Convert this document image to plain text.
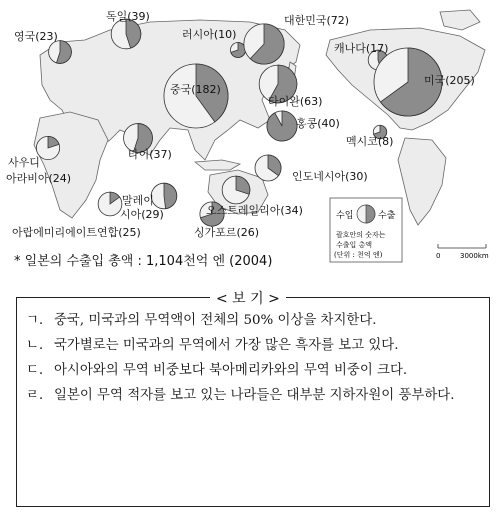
영국(23)
독일(39)
러시아(10)
대한민국(72)
중국(182)
캐나다(17)
미국(205)
타이완(63)
홍콩(40)
멕시코(8)
사우디
아라비아(24)
타이(37)
인도네시아(30)
말레이
시아(29)	오스트레일리아(34)
아랍에미리에이트연합(25)	싱가포르(26)
수입	수출
괄호안의 숫자는
수출입 총액
(단위 : 천억 엔)	0	3000km
* 일본의 수출입 총액 : 1,104천억 엔 (2004)
< 보 기 >
ㄱ. 중국, 미국과의 무역액이 전체의 50% 이상을 차지한다.
ㄴ. 국가별로는 미국과의 무역에서 가장 많은 흑자를 보고 있다.
ㄷ. 아시아와의 무역 비중보다 북아메리카와의 무역 비중이 크다.
ㄹ. 일본이 무역 적자를 보고 있는 나라들은 대부분 지하자원이 풍부하다.
